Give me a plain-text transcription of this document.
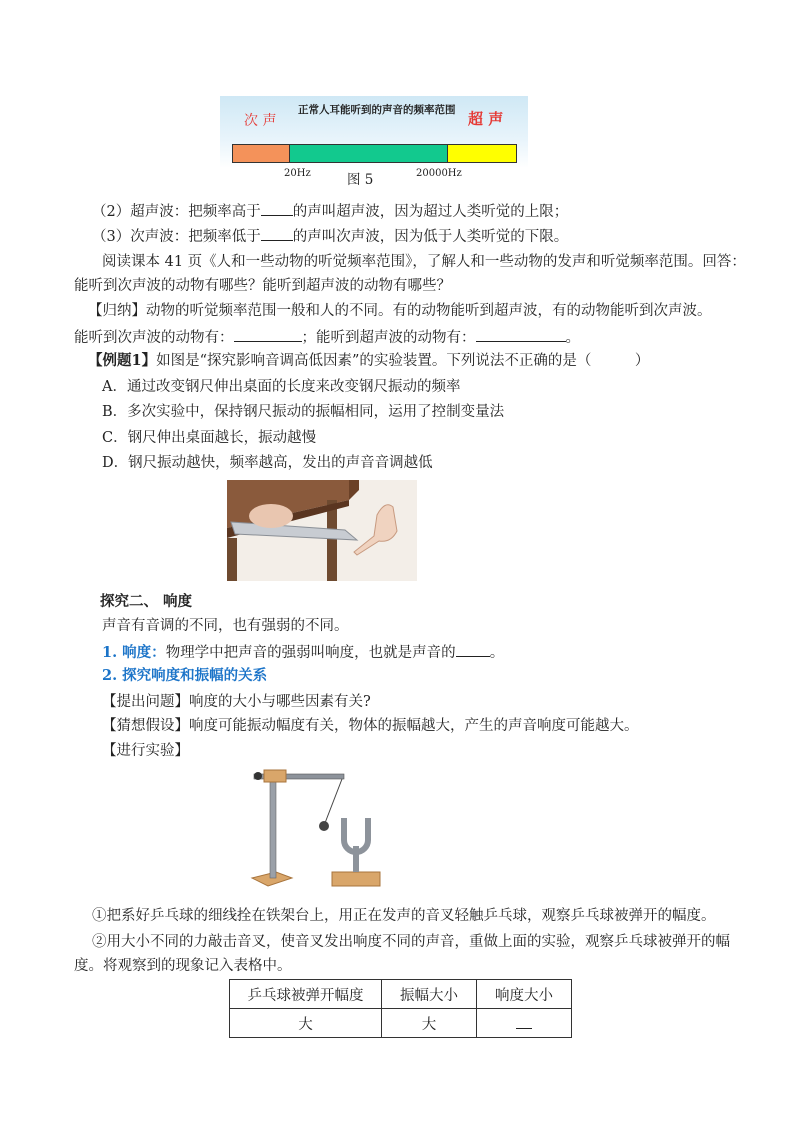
正常人耳能听到的声音的频率范围
次 声	超 声
20Hz	图 5	20000Hz
（2）超声波：把频率高于 的声叫超声波，因为超过人类听觉的上限；
（3）次声波：把频率低于 的声叫次声波，因为低于人类听觉的下限。
阅读课本 41 页《人和一些动物的听觉频率范围》，了解人和一些动物的发声和听觉频率范围。回答：
能听到次声波的动物有哪些？能听到超声波的动物有哪些？
【归纳】动物的听觉频率范围一般和人的不同。有的动物能听到超声波，有的动物能听到次声波。
能听到次声波的动物有：	；能听到超声波的动物有：	。
【例题1】如图是“探究影响音调高低因素”的实验装置。下列说法不正确的是（　　　）
A．通过改变钢尺伸出桌面的长度来改变钢尺振动的频率
B．多次实验中，保持钢尺振动的振幅相同，运用了控制变量法
C．钢尺伸出桌面越长，振动越慢
D．钢尺振动越快，频率越高，发出的声音音调越低
探究二、 响度
声音有音调的不同，也有强弱的不同。
1. 响度：物理学中把声音的强弱叫响度，也就是声音的 。
2. 探究响度和振幅的关系
【提出问题】响度的大小与哪些因素有关?
【猜想假设】响度可能振动幅度有关，物体的振幅越大，产生的声音响度可能越大。
【进行实验】
①把系好乒乓球的细线拴在铁架台上，用正在发声的音叉轻触乒乓球，观察乒乓球被弹开的幅度。
②用大小不同的力敲击音叉，使音叉发出响度不同的声音，重做上面的实验，观察乒乓球被弹开的幅
度。将观察到的现象记入表格中。
乒乓球被弹开幅度	振幅大小	响度大小
大	大	
